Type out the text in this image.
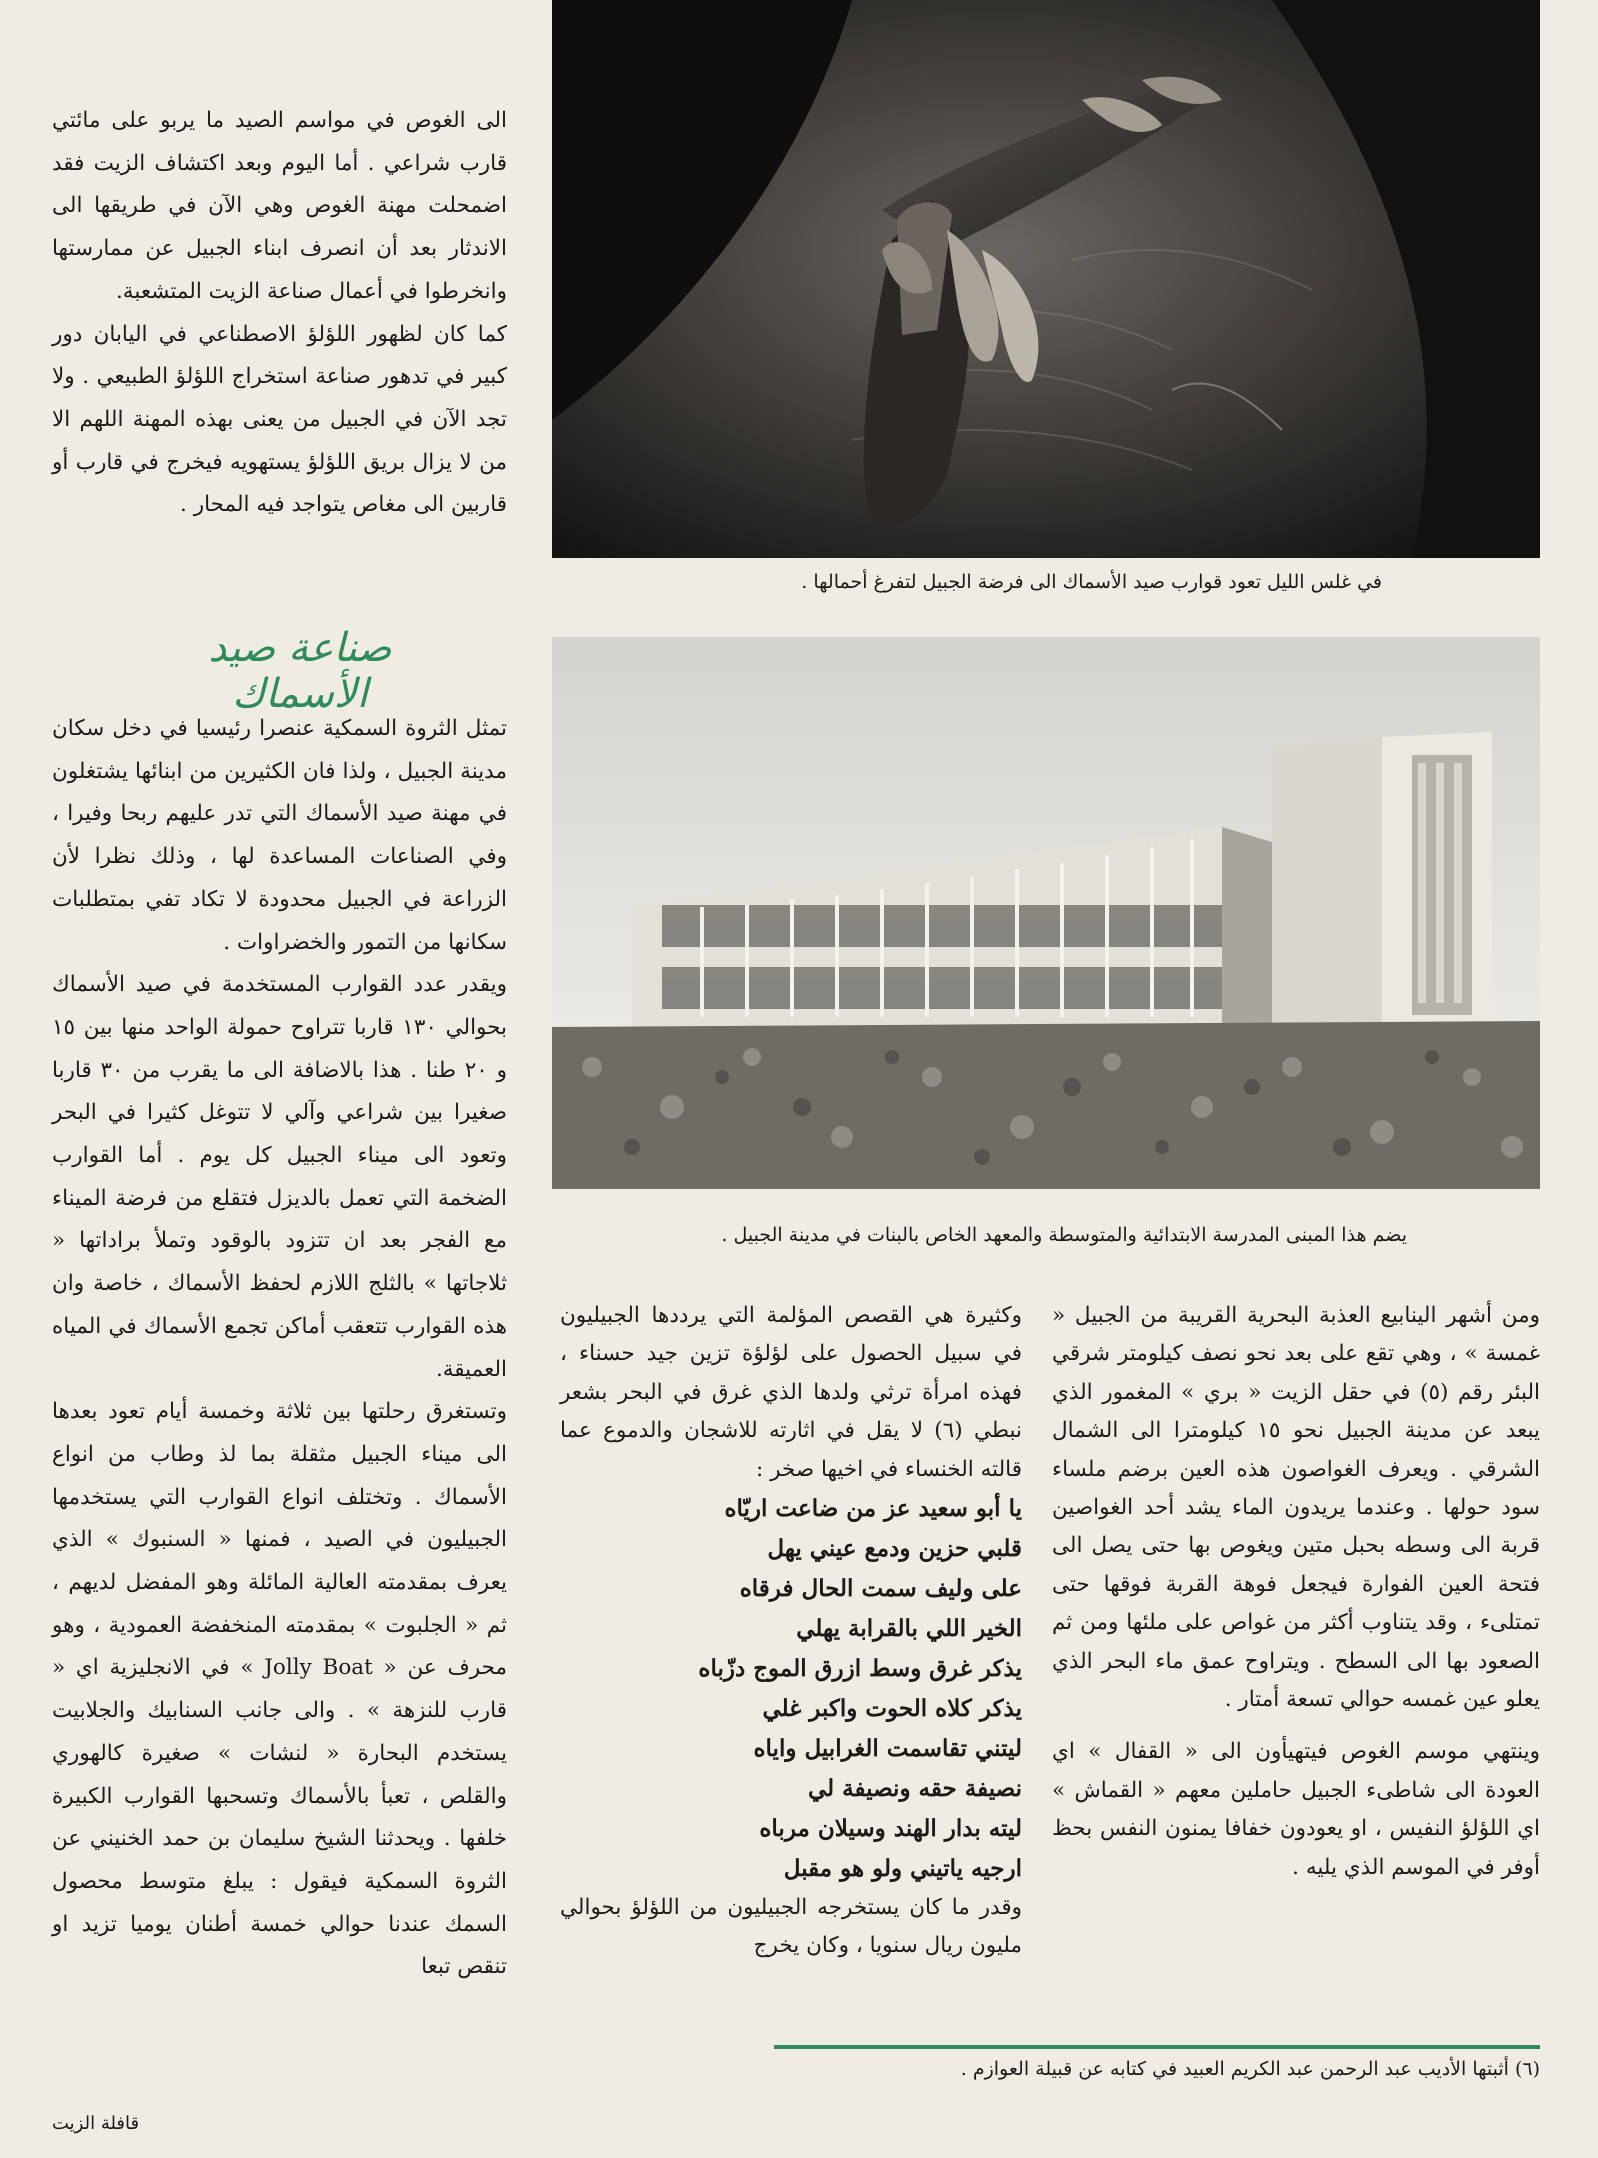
الى الغوص في مواسم الصيد ما يربو على مائتي قارب شراعي . أما اليوم وبعد اكتشاف الزيت فقد اضمحلت مهنة الغوص وهي الآن في طريقها الى الاندثار بعد أن انصرف ابناء الجبيل عن ممارستها وانخرطوا في أعمال صناعة الزيت المتشعبة.

كما كان لظهور اللؤلؤ الاصطناعي في اليابان دور كبير في تدهور صناعة استخراج اللؤلؤ الطبيعي . ولا تجد الآن في الجبيل من يعنى بهذه المهنة اللهم الا من لا يزال بريق اللؤلؤ يستهويه فيخرج في قارب أو قاربين الى مغاص يتواجد فيه المحار .

صناعة صيد الأسماك

تمثل الثروة السمكية عنصرا رئيسيا في دخل سكان مدينة الجبيل ، ولذا فان الكثيرين من ابنائها يشتغلون في مهنة صيد الأسماك التي تدر عليهم ربحا وفيرا ، وفي الصناعات المساعدة لها ، وذلك نظرا لأن الزراعة في الجبيل محدودة لا تكاد تفي بمتطلبات سكانها من التمور والخضراوات .

ويقدر عدد القوارب المستخدمة في صيد الأسماك بحوالي ١٣٠ قاربا تتراوح حمولة الواحد منها بين ١٥ و ٢٠ طنا . هذا بالاضافة الى ما يقرب من ٣٠ قاربا صغيرا بين شراعي وآلي لا تتوغل كثيرا في البحر وتعود الى ميناء الجبيل كل يوم . أما القوارب الضخمة التي تعمل بالديزل فتقلع من فرضة الميناء مع الفجر بعد ان تتزود بالوقود وتملأ براداتها « ثلاجاتها » بالثلج اللازم لحفظ الأسماك ، خاصة وان هذه القوارب تتعقب أماكن تجمع الأسماك في المياه العميقة.

وتستغرق رحلتها بين ثلاثة وخمسة أيام تعود بعدها الى ميناء الجبيل مثقلة بما لذ وطاب من انواع الأسماك . وتختلف انواع القوارب التي يستخدمها الجبيليون في الصيد ، فمنها « السنبوك » الذي يعرف بمقدمته العالية المائلة وهو المفضل لديهم ، ثم « الجلبوت » بمقدمته المنخفضة العمودية ، وهو محرف عن « Jolly Boat » في الانجليزية اي « قارب للنزهة » . والى جانب السنابيك والجلابيت يستخدم البحارة « لنشات » صغيرة كالهوري والقلص ، تعبأ بالأسماك وتسحبها القوارب الكبيرة خلفها . ويحدثنا الشيخ سليمان بن حمد الخنيني عن الثروة السمكية فيقول : يبلغ متوسط محصول السمك عندنا حوالي خمسة أطنان يوميا تزيد او تنقص تبعا

في غلس الليل تعود قوارب صيد الأسماك الى فرضة الجبيل لتفرغ أحمالها .
يضم هذا المبنى المدرسة الابتدائية والمتوسطة والمعهد الخاص بالبنات في مدينة الجبيل .

وكثيرة هي القصص المؤلمة التي يرددها الجبيليون في سبيل الحصول على لؤلؤة تزين جيد حسناء ، فهذه امرأة ترثي ولدها الذي غرق في البحر بشعر نبطي (٦) لا يقل في اثارته للاشجان والدموع عما قالته الخنساء في اخيها صخر :

يا أبو سعيد عز من ضاعت اريّاه
قلبي حزين ودمع عيني يهل
على وليف سمت الحال فرقاه
الخير اللي بالقرابة يهلي
يذكر غرق وسط ازرق الموج دزّباه
يذكر كلاه الحوت واكبر غلي
ليتني تقاسمت الغرابيل واياه
نصيفة حقه ونصيفة لي
ليته بدار الهند وسيلان مرباه
ارجيه ياتيني ولو هو مقبل

وقدر ما كان يستخرجه الجبيليون من اللؤلؤ بحوالي مليون ريال سنويا ، وكان يخرج

ومن أشهر الينابيع العذبة البحرية القريبة من الجبيل « غمسة » ، وهي تقع على بعد نحو نصف كيلومتر شرقي البئر رقم (٥) في حقل الزيت « بري » المغمور الذي يبعد عن مدينة الجبيل نحو ١٥ كيلومترا الى الشمال الشرقي . ويعرف الغواصون هذه العين برضم ملساء سود حولها . وعندما يريدون الماء يشد أحد الغواصين قربة الى وسطه بحبل متين ويغوص بها حتى يصل الى فتحة العين الفوارة فيجعل فوهة القربة فوقها حتى تمتلىء ، وقد يتناوب أكثر من غواص على ملئها ومن ثم الصعود بها الى السطح . ويتراوح عمق ماء البحر الذي يعلو عين غمسه حوالي تسعة أمتار .

وينتهي موسم الغوص فيتهيأون الى « القفال » اي العودة الى شاطىء الجبيل حاملين معهم « القماش » اي اللؤلؤ النفيس ، او يعودون خفافا يمنون النفس بحظ أوفر في الموسم الذي يليه .

(٦) أثبتها الأديب عبد الرحمن عبد الكريم العبيد في كتابه عن قبيلة العوازم .
قافلة الزيت
